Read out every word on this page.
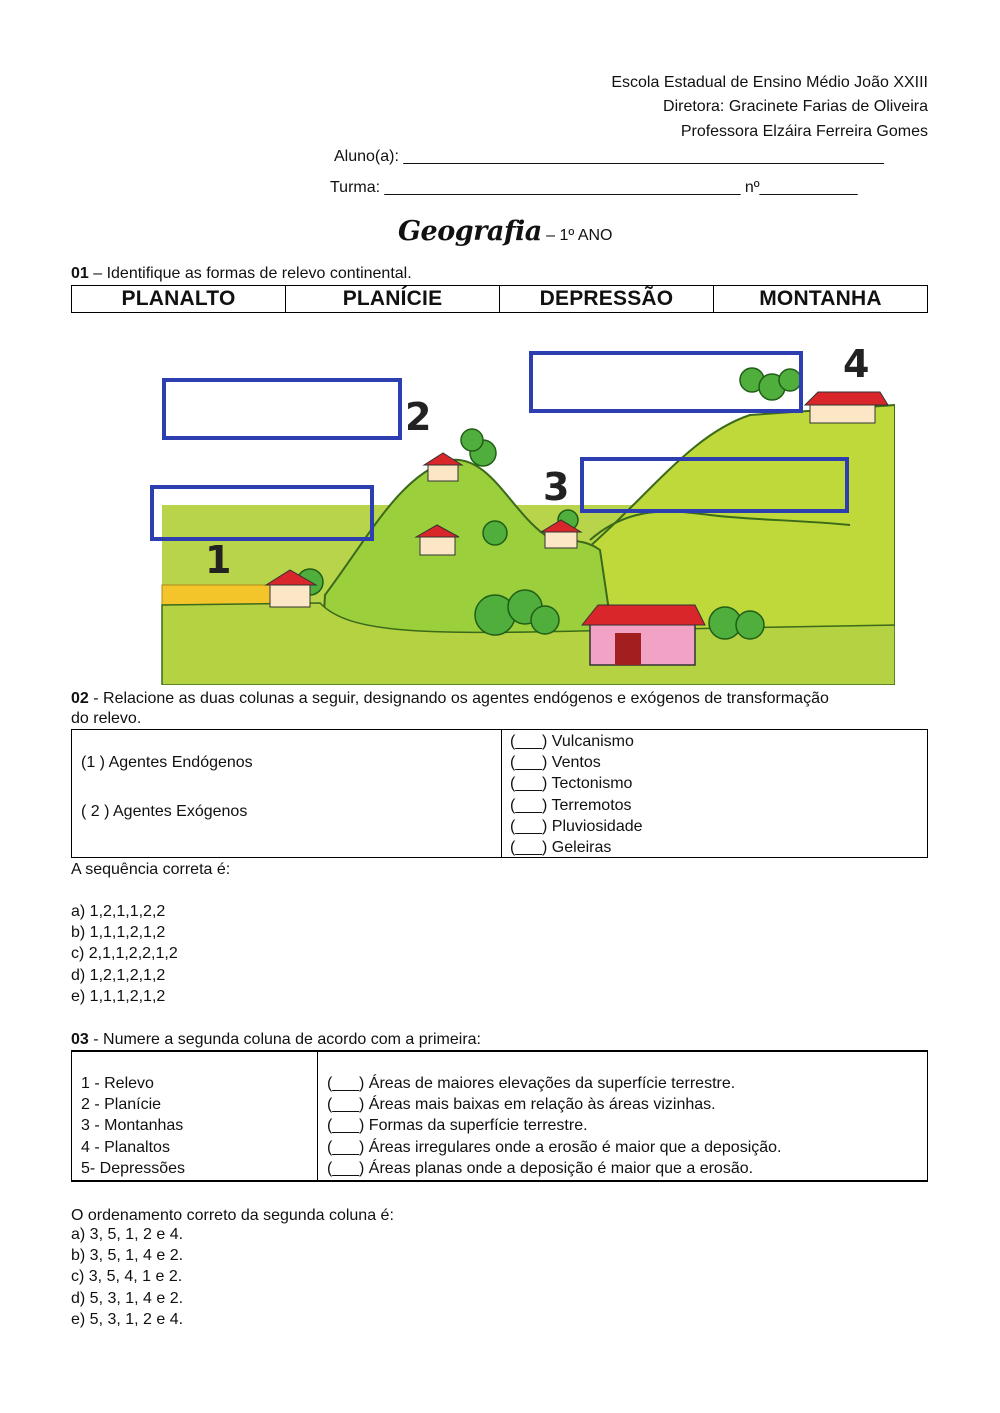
Escola Estadual de Ensino Médio João XXIII
Diretora: Gracinete Farias de Oliveira
Professora Elzáira Ferreira Gomes
Aluno(a): ______________________________________________________
Turma: ________________________________________ nº___________
Geografia – 1º ANO
01 – Identifique as formas de relevo continental.
PLANALTO	PLANÍCIE	DEPRESSÃO	MONTANHA
1
2
3
4
02 - Relacione as duas colunas a seguir, designando os agentes endógenos e exógenos de transformação
do relevo.
(1 ) Agentes Endógenos
( 2 ) Agentes Exógenos
(___) Vulcanismo
(___) Ventos
(___) Tectonismo
(___) Terremotos
(___) Pluviosidade
(___) Geleiras
A sequência correta é:
a) 1,2,1,1,2,2
b) 1,1,1,2,1,2
c) 2,1,1,2,2,1,2
d) 1,2,1,2,1,2
e) 1,1,1,2,1,2
03 - Numere a segunda coluna de acordo com a primeira:
1 - Relevo
2 - Planície
3 - Montanhas
4 - Planaltos
5- Depressões
(___) Áreas de maiores elevações da superfície terrestre.
(___) Áreas mais baixas em relação às áreas vizinhas.
(___) Formas da superfície terrestre.
(___) Áreas irregulares onde a erosão é maior que a deposição.
(___) Áreas planas onde a deposição é maior que a erosão.
O ordenamento correto da segunda coluna é:
a) 3, 5, 1, 2 e 4.
b) 3, 5, 1, 4 e 2.
c) 3, 5, 4, 1 e 2.
d) 5, 3, 1, 4 e 2.
e) 5, 3, 1, 2 e 4.
